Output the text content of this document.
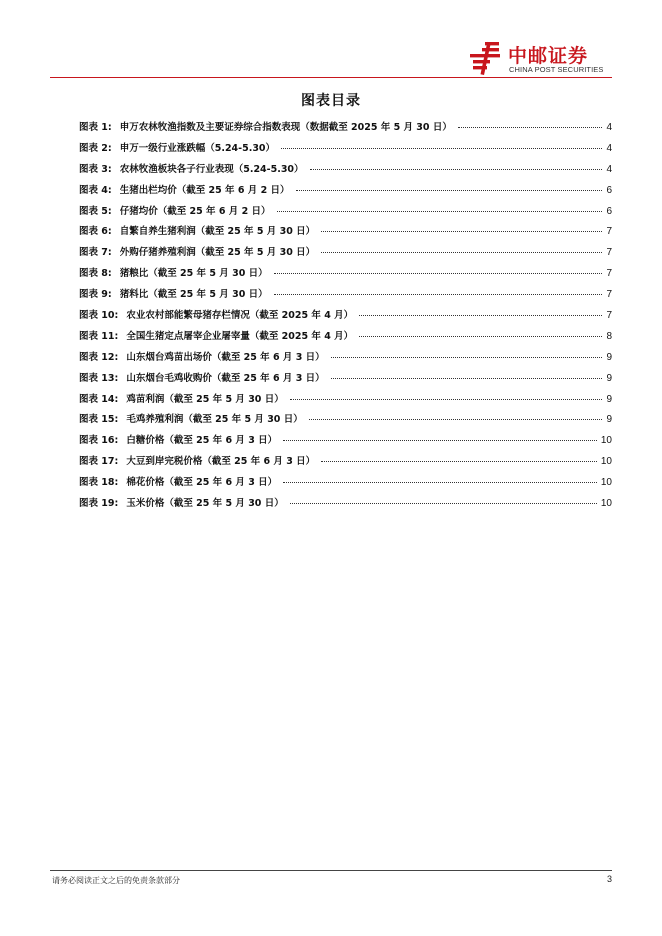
中邮证券
CHINA POST SECURITIES
图表目录
图表 1: 申万农林牧渔指数及主要证券综合指数表现（数据截至 2025 年 5 月 30 日）	4
图表 2: 申万一级行业涨跌幅（5.24-5.30）	4
图表 3: 农林牧渔板块各子行业表现（5.24-5.30）	4
图表 4: 生猪出栏均价（截至 25 年 6 月 2 日）	6
图表 5: 仔猪均价（截至 25 年 6 月 2 日）	6
图表 6: 自繁自养生猪利润（截至 25 年 5 月 30 日）	7
图表 7: 外购仔猪养殖利润（截至 25 年 5 月 30 日）	7
图表 8: 猪粮比（截至 25 年 5 月 30 日）	7
图表 9: 猪料比（截至 25 年 5 月 30 日）	7
图表 10: 农业农村部能繁母猪存栏情况（截至 2025 年 4 月）	7
图表 11: 全国生猪定点屠宰企业屠宰量（截至 2025 年 4 月）	8
图表 12: 山东烟台鸡苗出场价（截至 25 年 6 月 3 日）	9
图表 13: 山东烟台毛鸡收购价（截至 25 年 6 月 3 日）	9
图表 14: 鸡苗利润（截至 25 年 5 月 30 日）	9
图表 15: 毛鸡养殖利润（截至 25 年 5 月 30 日）	9
图表 16: 白糖价格（截至 25 年 6 月 3 日）	10
图表 17: 大豆到岸完税价格（截至 25 年 6 月 3 日）	10
图表 18: 棉花价格（截至 25 年 6 月 3 日）	10
图表 19: 玉米价格（截至 25 年 5 月 30 日）	10
请务必阅读正文之后的免责条款部分	3
